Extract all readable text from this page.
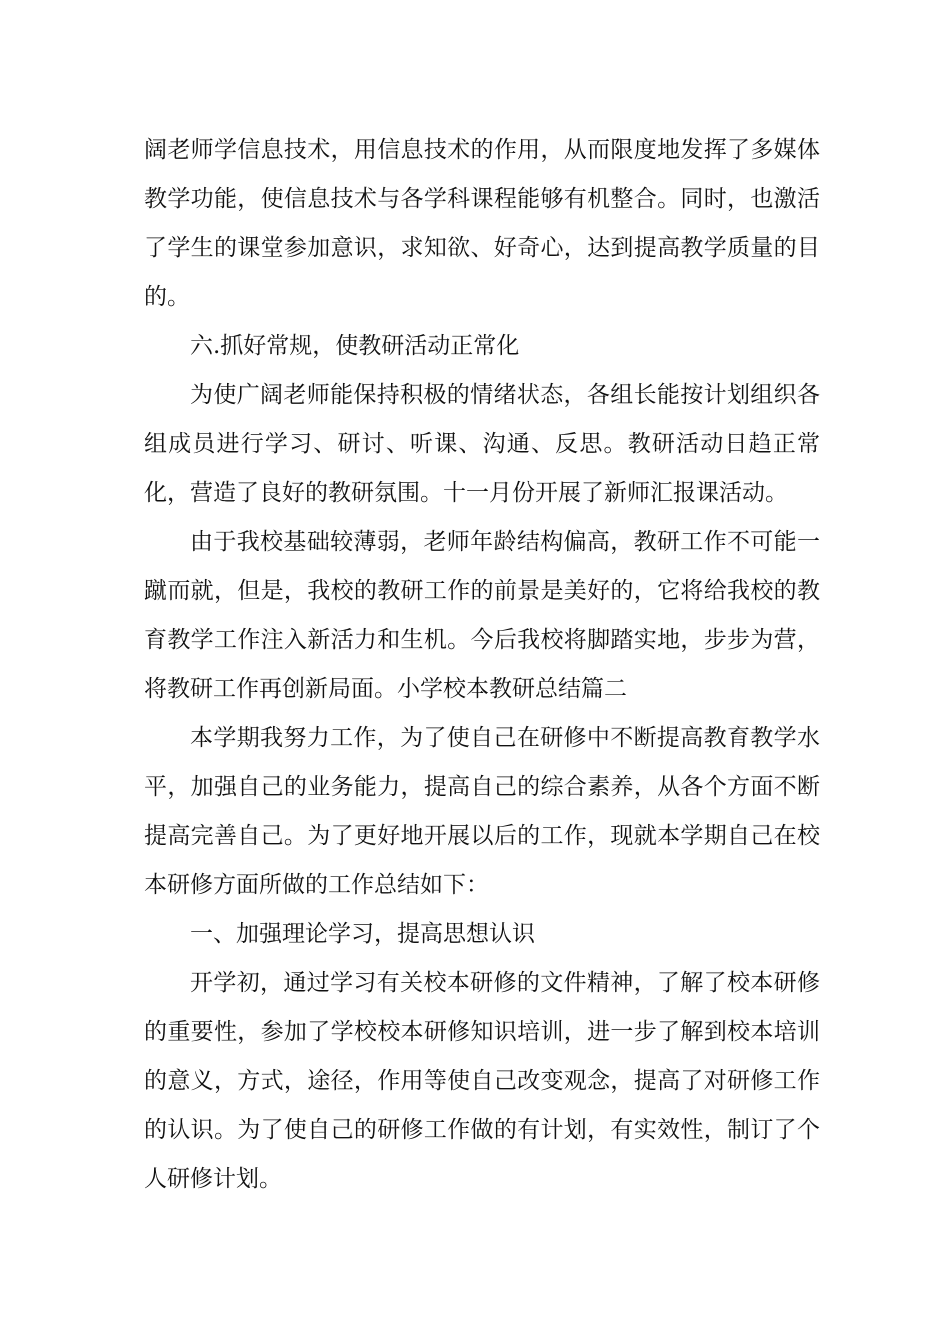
阔老师学信息技术，用信息技术的作用，从而限度地发挥了多媒体教学功能，使信息技术与各学科课程能够有机整合。同时，也激活了学生的课堂参加意识，求知欲、好奇心，达到提高教学质量的目的。

六.抓好常规，使教研活动正常化

为使广阔老师能保持积极的情绪状态，各组长能按计划组织各组成员进行学习、研讨、听课、沟通、反思。教研活动日趋正常化，营造了良好的教研氛围。十一月份开展了新师汇报课活动。

由于我校基础较薄弱，老师年龄结构偏高，教研工作不可能一蹴而就，但是，我校的教研工作的前景是美好的，它将给我校的教育教学工作注入新活力和生机。今后我校将脚踏实地，步步为营，将教研工作再创新局面。小学校本教研总结篇二

本学期我努力工作，为了使自己在研修中不断提高教育教学水平，加强自己的业务能力，提高自己的综合素养，从各个方面不断提高完善自己。为了更好地开展以后的工作，现就本学期自己在校本研修方面所做的工作总结如下：

一、加强理论学习，提高思想认识

开学初，通过学习有关校本研修的文件精神，了解了校本研修的重要性，参加了学校校本研修知识培训，进一步了解到校本培训的意义，方式，途径，作用等使自己改变观念，提高了对研修工作的认识。为了使自己的研修工作做的有计划，有实效性，制订了个人研修计划。
